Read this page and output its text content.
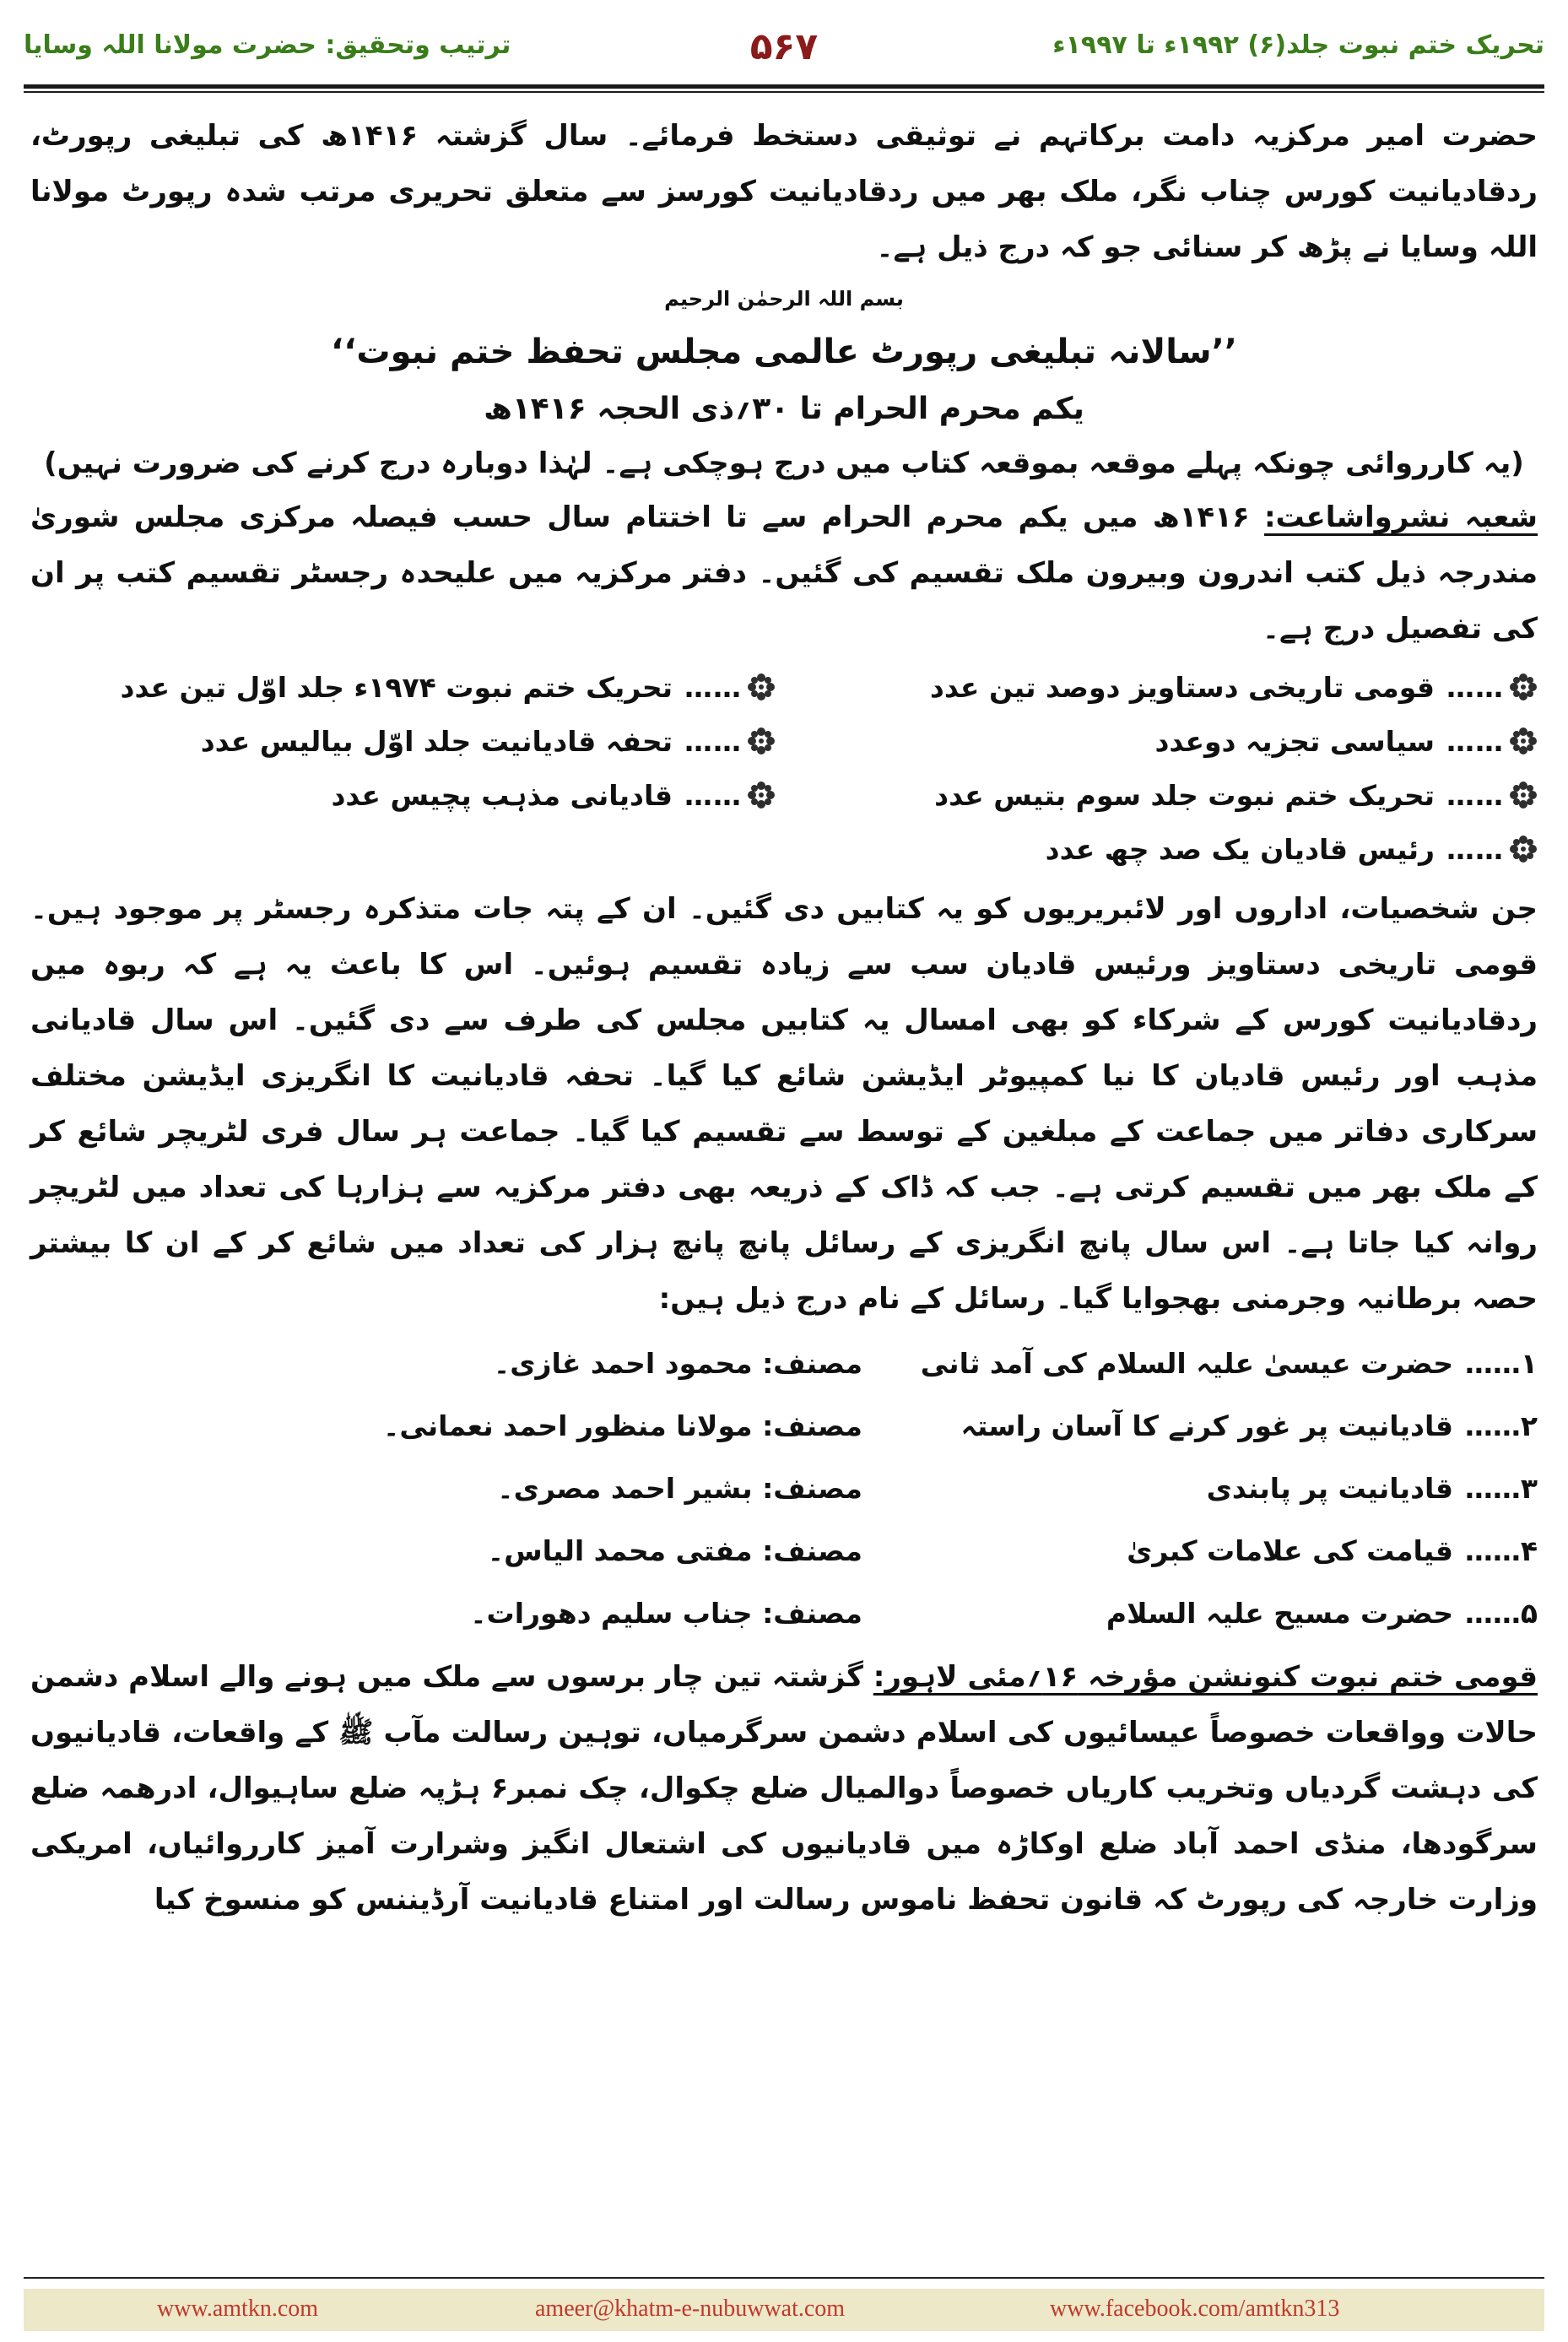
تحریک ختم نبوت جلد(۶) ۱۹۹۲ء تا ۱۹۹۷ء
۵۶۷
ترتیب وتحقیق: حضرت مولانا اللہ وسایا

حضرت امیر مرکزیہ دامت برکاتہم نے توثیقی دستخط فرمائے۔ سال گزشتہ ۱۴۱۶ھ کی تبلیغی رپورٹ، ردقادیانیت کورس چناب نگر، ملک بھر میں ردقادیانیت کورسز سے متعلق تحریری مرتب شدہ رپورٹ مولانا اللہ وسایا نے پڑھ کر سنائی جو کہ درج ذیل ہے۔

بسم اللہ الرحمٰن الرحیم

’’سالانہ تبلیغی رپورٹ عالمی مجلس تحفظ ختم نبوت‘‘

یکم محرم الحرام تا ۳۰؍ذی الحجہ ۱۴۱۶ھ

(یہ کارروائی چونکہ پہلے موقعہ بموقعہ کتاب میں درج ہوچکی ہے۔ لہٰذا دوبارہ درج کرنے کی ضرورت نہیں)

شعبہ نشرواشاعت: ۱۴۱۶ھ میں یکم محرم الحرام سے تا اختتام سال حسب فیصلہ مرکزی مجلس شوریٰ مندرجہ ذیل کتب اندرون وبیرون ملک تقسیم کی گئیں۔ دفتر مرکزیہ میں علیحدہ رجسٹر تقسیم کتب پر ان کی تفصیل درج ہے۔

……
قومی تاریخی دستاویز دوصد تین عدد
……
تحریک ختم نبوت ۱۹۷۴ء جلد اوّل تین عدد
……
سیاسی تجزیہ دوعدد
……
تحفہ قادیانیت جلد اوّل بیالیس عدد
……
تحریک ختم نبوت جلد سوم بتیس عدد
……
قادیانی مذہب پچیس عدد
……
رئیس قادیان یک صد چھ عدد

جن شخصیات، اداروں اور لائبریریوں کو یہ کتابیں دی گئیں۔ ان کے پتہ جات متذکرہ رجسٹر پر موجود ہیں۔ قومی تاریخی دستاویز ورئیس قادیان سب سے زیادہ تقسیم ہوئیں۔ اس کا باعث یہ ہے کہ ربوہ میں ردقادیانیت کورس کے شرکاء کو بھی امسال یہ کتابیں مجلس کی طرف سے دی گئیں۔ اس سال قادیانی مذہب اور رئیس قادیان کا نیا کمپیوٹر ایڈیشن شائع کیا گیا۔ تحفہ قادیانیت کا انگریزی ایڈیشن مختلف سرکاری دفاتر میں جماعت کے مبلغین کے توسط سے تقسیم کیا گیا۔ جماعت ہر سال فری لٹریچر شائع کر کے ملک بھر میں تقسیم کرتی ہے۔ جب کہ ڈاک کے ذریعہ بھی دفتر مرکزیہ سے ہزارہا کی تعداد میں لٹریچر روانہ کیا جاتا ہے۔ اس سال پانچ انگریزی کے رسائل پانچ پانچ ہزار کی تعداد میں شائع کر کے ان کا بیشتر حصہ برطانیہ وجرمنی بھجوایا گیا۔ رسائل کے نام درج ذیل ہیں:

۱……
حضرت عیسیٰ علیہ السلام کی آمد ثانی
مصنف: محمود احمد غازی۔
۲……
قادیانیت پر غور کرنے کا آسان راستہ
مصنف: مولانا منظور احمد نعمانی۔
۳……
قادیانیت پر پابندی
مصنف: بشیر احمد مصری۔
۴……
قیامت کی علامات کبریٰ
مصنف: مفتی محمد الیاس۔
۵……
حضرت مسیح علیہ السلام
مصنف: جناب سلیم دھورات۔

قومی ختم نبوت کنونشن مؤرخہ ۱۶؍مئی لاہور: گزشتہ تین چار برسوں سے ملک میں ہونے والے اسلام دشمن حالات وواقعات خصوصاً عیسائیوں کی اسلام دشمن سرگرمیاں، توہین رسالت مآب ﷺ کے واقعات، قادیانیوں کی دہشت گردیاں وتخریب کاریاں خصوصاً دوالمیال ضلع چکوال، چک نمبر۶ ہڑپہ ضلع ساہیوال، ادرھمہ ضلع سرگودھا، منڈی احمد آباد ضلع اوکاڑہ میں قادیانیوں کی اشتعال انگیز وشرارت آمیز کارروائیاں، امریکی وزارت خارجہ کی رپورٹ کہ قانون تحفظ ناموس رسالت اور امتناع قادیانیت آرڈیننس کو منسوخ کیا

www.amtkn.com	ameer@khatm-e-nubuwwat.com	www.facebook.com/amtkn313
